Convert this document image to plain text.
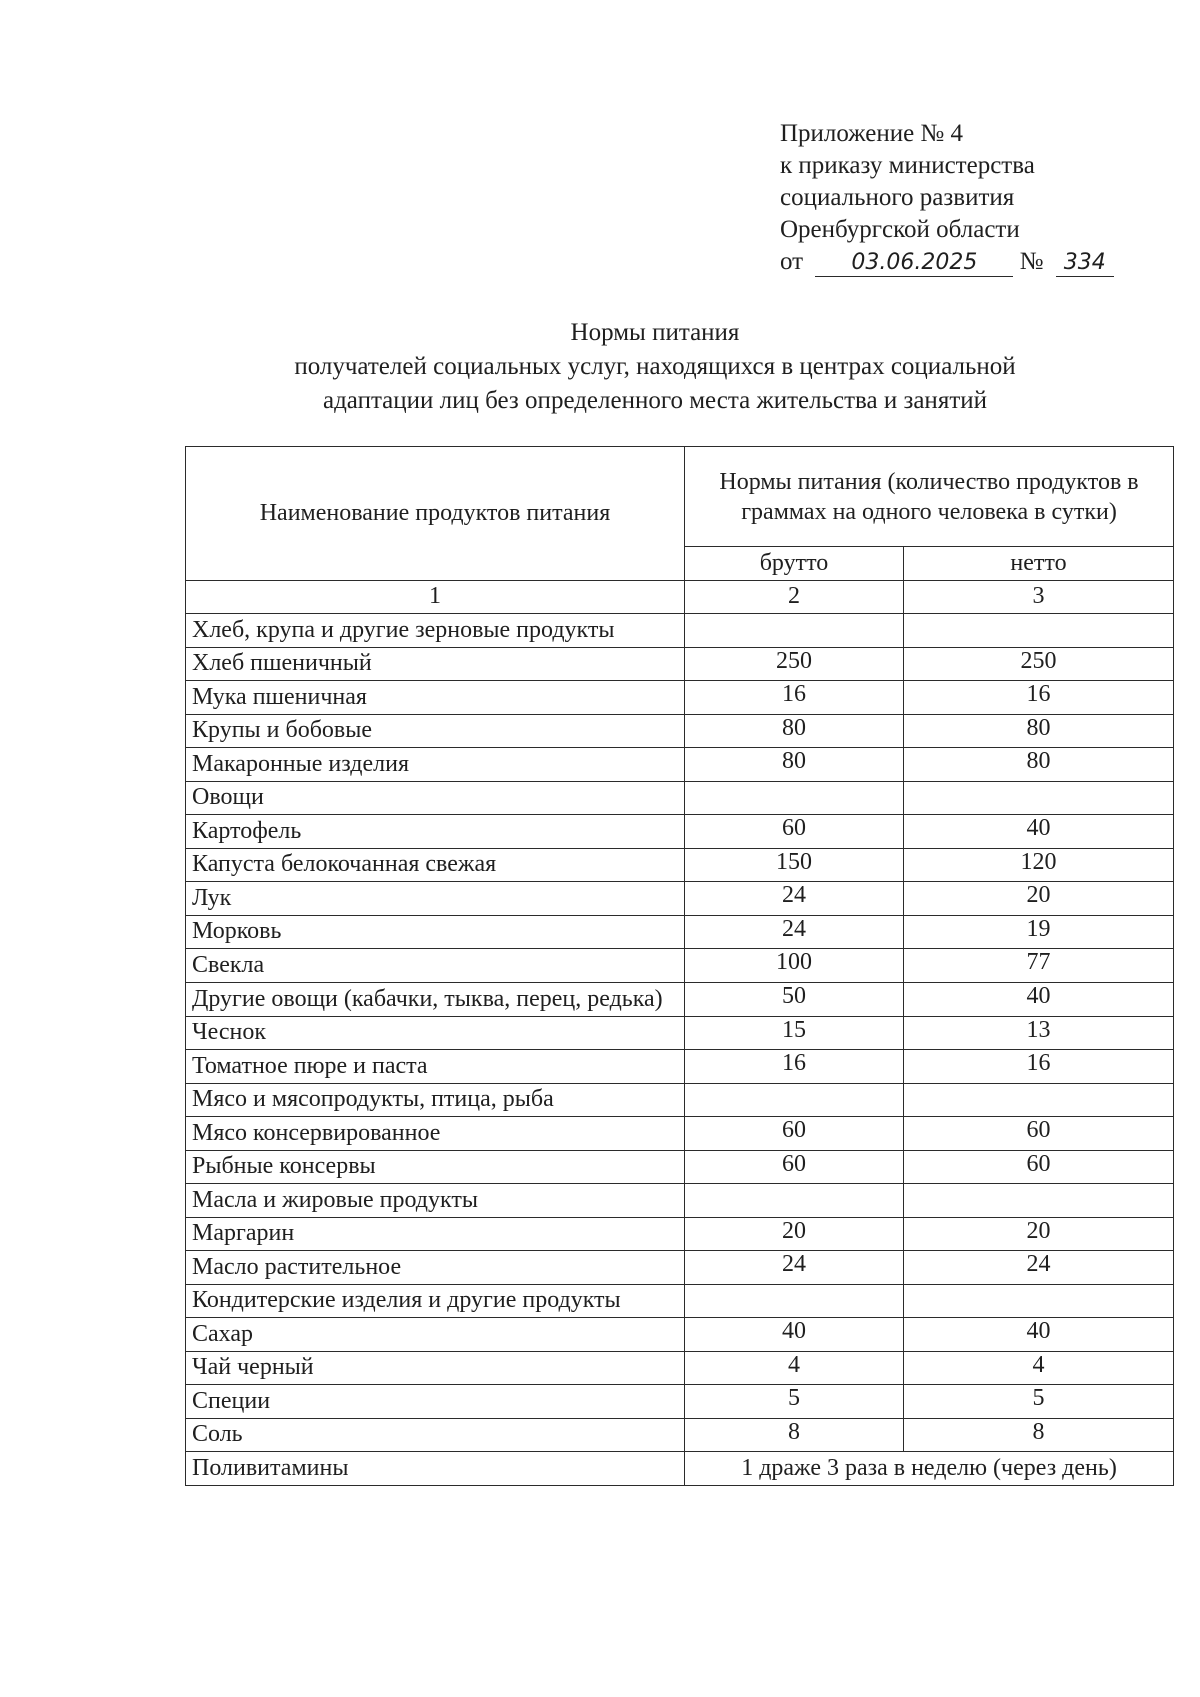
Приложение № 4
к приказу министерства
социального развития
Оренбургской области
от 03.06.2025 № 334
Нормы питания
получателей социальных услуг, находящихся в центрах социальной
адаптации лиц без определенного места жительства и занятий
Наименование продуктов питания	Нормы питания (количество продуктов в граммах на одного человека в сутки)	
	брутто	нетто
1	2	3
Хлеб, крупа и другие зерновые продукты		
Хлеб пшеничный	250	250
Мука пшеничная	16	16
Крупы и бобовые	80	80
Макаронные изделия	80	80
Овощи		
Картофель	60	40
Капуста белокочанная свежая	150	120
Лук	24	20
Морковь	24	19
Свекла	100	77
Другие овощи (кабачки, тыква, перец, редька)	50	40
Чеснок	15	13
Томатное пюре и паста	16	16
Мясо и мясопродукты, птица, рыба		
Мясо консервированное	60	60
Рыбные консервы	60	60
Масла и жировые продукты		
Маргарин	20	20
Масло растительное	24	24
Кондитерские изделия и другие продукты		
Сахар	40	40
Чай черный	4	4
Специи	5	5
Соль	8	8
Поливитамины	1 драже 3 раза в неделю (через день)	
